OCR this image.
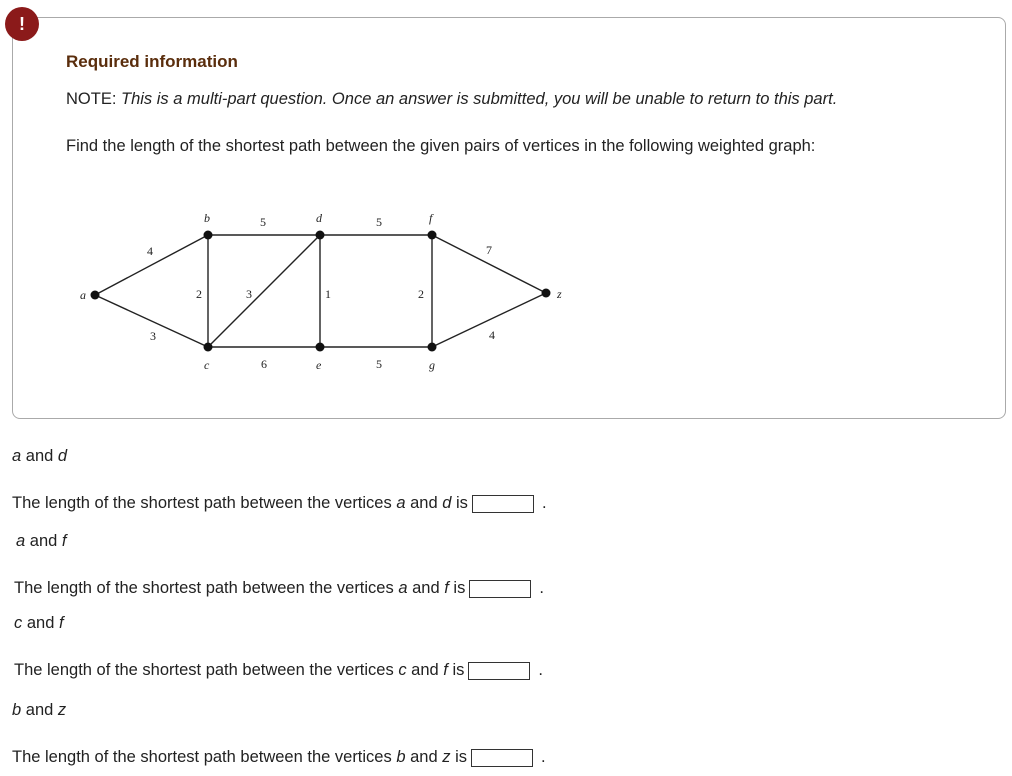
!
Required information
NOTE: This is a multi-part question. Once an answer is submitted, you will be unable to return to this part.
Find the length of the shortest path between the given pairs of vertices in the following weighted graph:
a
b
c
d
e
f
g
z
4
3
2
5
3
6
1
5
5
2
7
4
a and d
The length of the shortest path between the vertices
a
and
d
is	.
a and f
The length of the shortest path between the vertices
a
and
f
is	.
c and f
The length of the shortest path between the vertices
c
and
f
is	.
b and z
The length of the shortest path between the vertices
b
and
z
is	.
